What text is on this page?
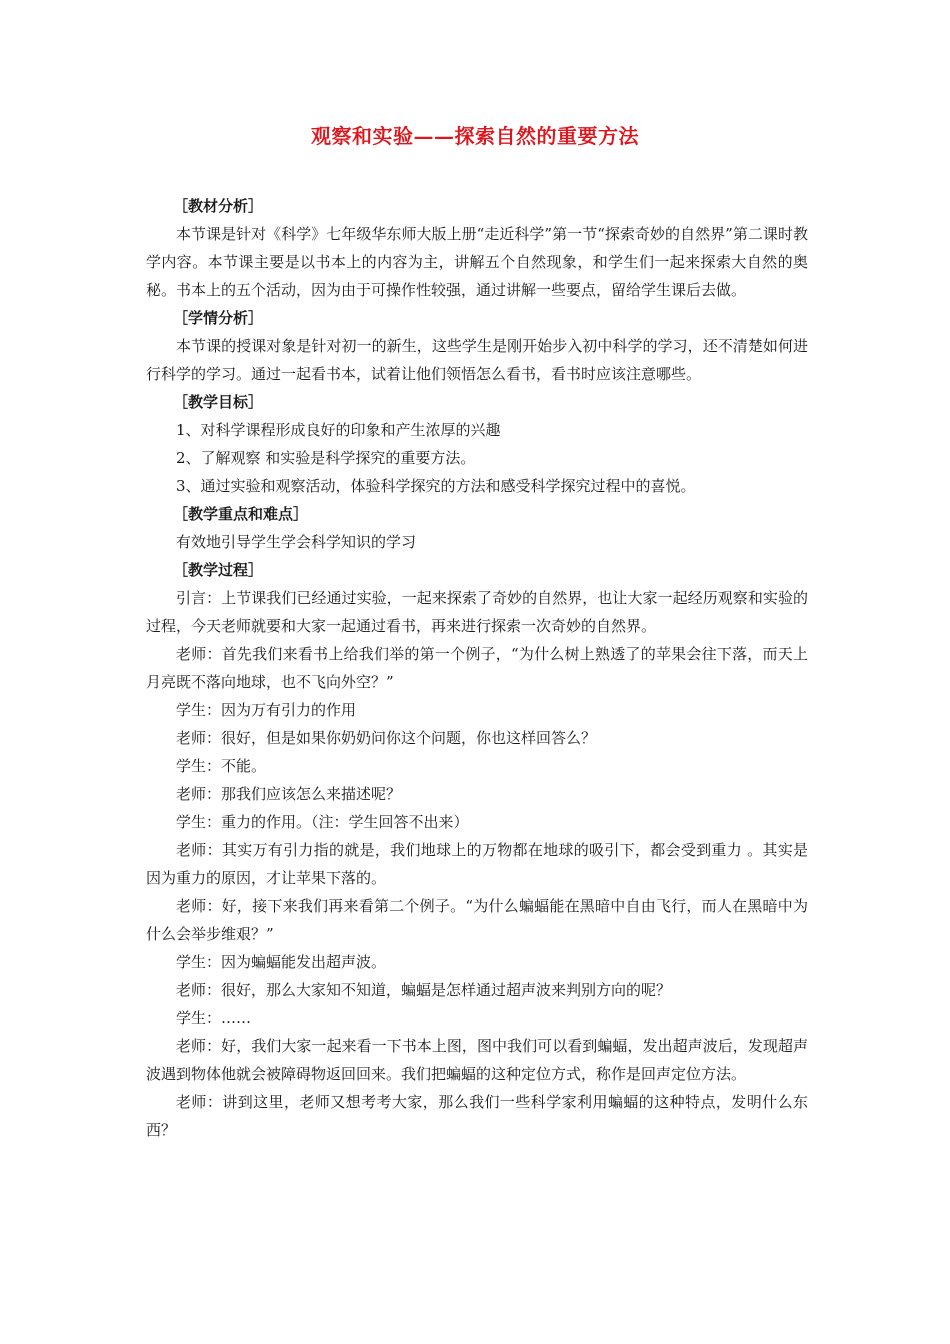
观察和实验——探索自然的重要方法

［教材分析］

本节课是针对《科学》七年级华东师大版上册“走近科学”第一节“探索奇妙的自然界”第二课时教学内容。本节课主要是以书本上的内容为主，讲解五个自然现象，和学生们一起来探索大自然的奥秘。书本上的五个活动，因为由于可操作性较强，通过讲解一些要点，留给学生课后去做。

［学情分析］

本节课的授课对象是针对初一的新生，这些学生是刚开始步入初中科学的学习，还不清楚如何进行科学的学习。通过一起看书本，试着让他们领悟怎么看书，看书时应该注意哪些。

［教学目标］

1、对科学课程形成良好的印象和产生浓厚的兴趣

2、了解观察 和实验是科学探究的重要方法。

3、通过实验和观察活动，体验科学探究的方法和感受科学探究过程中的喜悦。

［教学重点和难点］

有效地引导学生学会科学知识的学习

［教学过程］

引言：上节课我们已经通过实验，一起来探索了奇妙的自然界，也让大家一起经历观察和实验的过程，今天老师就要和大家一起通过看书，再来进行探索一次奇妙的自然界。

老师：首先我们来看书上给我们举的第一个例子，“为什么树上熟透了的苹果会往下落，而天上月亮既不落向地球，也不飞向外空？”

学生：因为万有引力的作用

老师：很好，但是如果你奶奶问你这个问题，你也这样回答么？

学生：不能。

老师：那我们应该怎么来描述呢？

学生：重力的作用。（注：学生回答不出来）

老师：其实万有引力指的就是，我们地球上的万物都在地球的吸引下，都会受到重力 。其实是因为重力的原因，才让苹果下落的。

老师：好，接下来我们再来看第二个例子。“为什么蝙蝠能在黑暗中自由飞行，而人在黑暗中为什么会举步维艰？”

学生：因为蝙蝠能发出超声波。

老师：很好，那么大家知不知道，蝙蝠是怎样通过超声波来判别方向的呢？

学生：……

老师：好，我们大家一起来看一下书本上图，图中我们可以看到蝙蝠，发出超声波后，发现超声波遇到物体他就会被障碍物返回回来。我们把蝙蝠的这种定位方式，称作是回声定位方法。

老师：讲到这里，老师又想考考大家，那么我们一些科学家利用蝙蝠的这种特点，发明什么东西？
